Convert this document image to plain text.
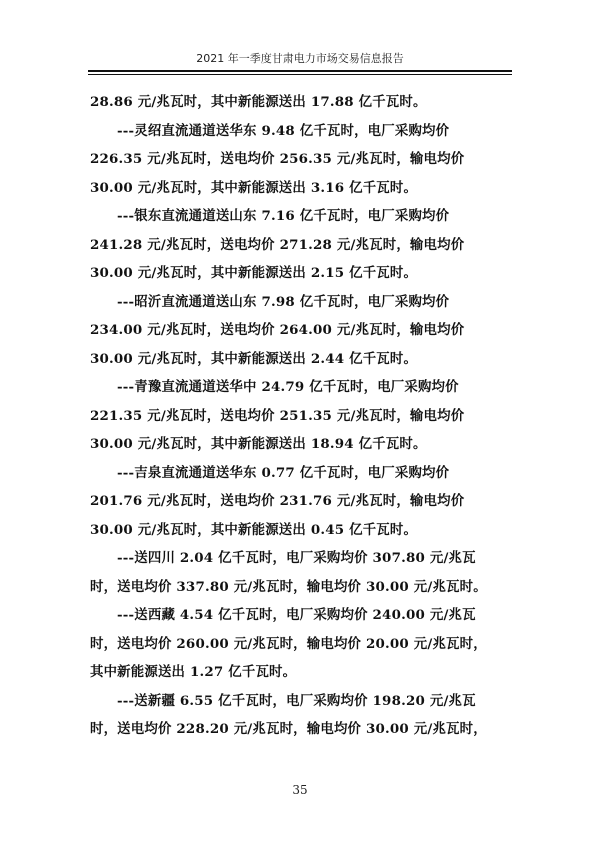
2021 年一季度甘肃电力市场交易信息报告
28.86 元/兆瓦时，其中新能源送出 17.88 亿千瓦时。
---灵绍直流通道送华东 9.48 亿千瓦时，电厂采购均价
226.35 元/兆瓦时，送电均价 256.35 元/兆瓦时，输电均价
30.00 元/兆瓦时，其中新能源送出 3.16 亿千瓦时。
---银东直流通道送山东 7.16 亿千瓦时，电厂采购均价
241.28 元/兆瓦时，送电均价 271.28 元/兆瓦时，输电均价
30.00 元/兆瓦时，其中新能源送出 2.15 亿千瓦时。
---昭沂直流通道送山东 7.98 亿千瓦时，电厂采购均价
234.00 元/兆瓦时，送电均价 264.00 元/兆瓦时，输电均价
30.00 元/兆瓦时，其中新能源送出 2.44 亿千瓦时。
---青豫直流通道送华中 24.79 亿千瓦时，电厂采购均价
221.35 元/兆瓦时，送电均价 251.35 元/兆瓦时，输电均价
30.00 元/兆瓦时，其中新能源送出 18.94 亿千瓦时。
---吉泉直流通道送华东 0.77 亿千瓦时，电厂采购均价
201.76 元/兆瓦时，送电均价 231.76 元/兆瓦时，输电均价
30.00 元/兆瓦时，其中新能源送出 0.45 亿千瓦时。
---送四川 2.04 亿千瓦时，电厂采购均价 307.80 元/兆瓦
时，送电均价 337.80 元/兆瓦时，输电均价 30.00 元/兆瓦时。
---送西藏 4.54 亿千瓦时，电厂采购均价 240.00 元/兆瓦
时，送电均价 260.00 元/兆瓦时，输电均价 20.00 元/兆瓦时，
其中新能源送出 1.27 亿千瓦时。
---送新疆 6.55 亿千瓦时，电厂采购均价 198.20 元/兆瓦
时，送电均价 228.20 元/兆瓦时，输电均价 30.00 元/兆瓦时，
35
